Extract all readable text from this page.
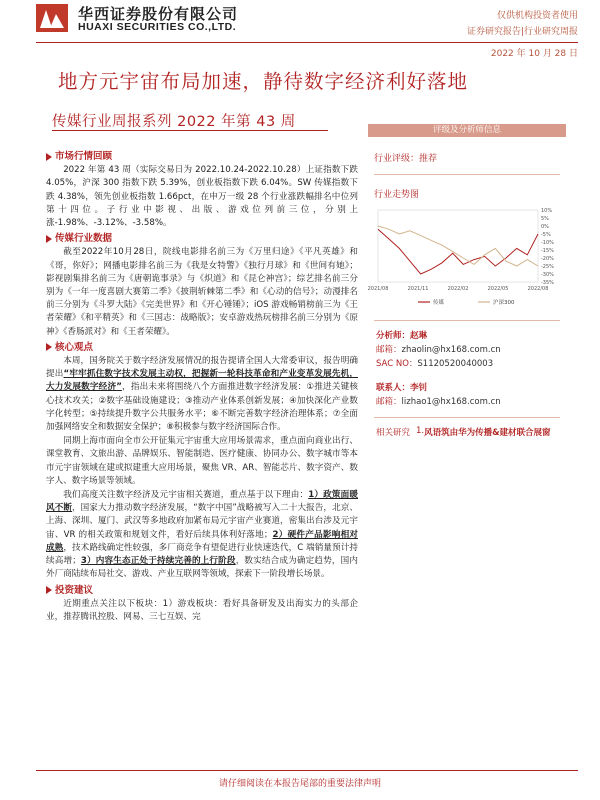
华西证券股份有限公司
HUAXI SECURITIES CO.,LTD.
仅供机构投资者使用
证券研究报告|行业研究周报
2022 年 10 月 28 日
地方元宇宙布局加速，静待数字经济利好落地
传媒行业周报系列 2022 年第 43 周
市场行情回顾
2022 年第 43 周（实际交易日为 2022.10.24-2022.10.28）上证指数下跌 4.05%，沪深 300 指数下跌 5.39%，创业板指数下跌 6.04%。SW 传媒指数下跌 4.38%，领先创业板指数 1.66pct，在申万一级 28 个行业涨跌幅排名中位列第十四位。子行业中影视、出版、游戏位列前三位，分别上涨-1.98%、-3.12%、-3.58%。
传媒行业数据
截至2022年10月28日，院线电影排名前三为《万里归途》《平凡英雄》和《哥，你好》；网播电影排名前三为《我是女特警》《独行月球》和《世间有她》；影视剧集排名前三为《唐朝诡事录》与《炽道》和《昆仑神宫》；综艺排名前三分别为《一年一度喜剧大赛第二季》《披荆斩棘第二季》和《心动的信号》；动漫排名前三分别为《斗罗大陆》《完美世界》和《开心锤锤》；iOS 游戏畅销榜前三为《王者荣耀》《和平精英》和《三国志：战略版》；安卓游戏热玩榜排名前三分别为《原神》《香肠派对》和《王者荣耀》。
核心观点
本周，国务院关于数字经济发展情况的报告提请全国人大常委审议，报告明确提出“牢牢抓住数字技术发展主动权，把握新一轮科技革命和产业变革发展先机，大力发展数字经济”，指出未来将围绕八个方面推进数字经济发展：①推进关键核心技术攻关；②数字基础设施建设；③推动产业体系创新发展；④加快深化产业数字化转型；⑤持续提升数字公共服务水平；⑥不断完善数字经济治理体系；⑦全面加强网络安全和数据安全保护；⑧积极参与数字经济国际合作。
同期上海市面向全市公开征集元宇宙重大应用场景需求，重点面向商业出行、课堂教育、文旅出游、品牌娱乐、智能制造、医疗健康、协同办公、数字城市等本市元宇宙领域在建或拟建重大应用场景，聚焦 VR、AR、智能芯片、数字资产、数字人、数字场景等领域。
我们高度关注数字经济及元宇宙相关赛道，重点基于以下理由：1）政策面暖风不断，国家大力推动数字经济发展，“数字中国”战略被写入二十大报告，北京、上海、深圳、厦门、武汉等多地政府加紧布局元宇宙产业赛道，密集出台涉及元宇宙、VR 的相关政策和规划文件，看好后续具体利好落地；2）硬件产品影响相对成熟，技术路线确定性较强，多厂商竞争有望促进行业快速迭代，C 端销量预计持续高增；3）内容生态正处于持续完善的上行阶段，数实结合成为确定趋势，国内外厂商陆续布局社交、游戏、产业互联网等领域，探索下一阶段增长场景。
投资建议
近期重点关注以下板块：1）游戏板块：看好具备研发及出海实力的头部企业，推荐腾讯控股、网易、三七互娱、完
评级及分析师信息
行业评级：推荐
行业走势图
10%
5%
0%
-5%
-10%
-15%
-20%
-25%
-30%
-35%
2021/08	2021/11	2022/02	2022/05	2022/08
传媒	沪深300
分析师：赵琳
邮箱：zhaolin@hx168.com.cn
SAC NO：S1120520040003
联系人：李钊
邮箱：lizhao1@hx168.com.cn
相关研究 1. 风语筑由华为传播&建材联合展窗
请仔细阅读在本报告尾部的重要法律声明
